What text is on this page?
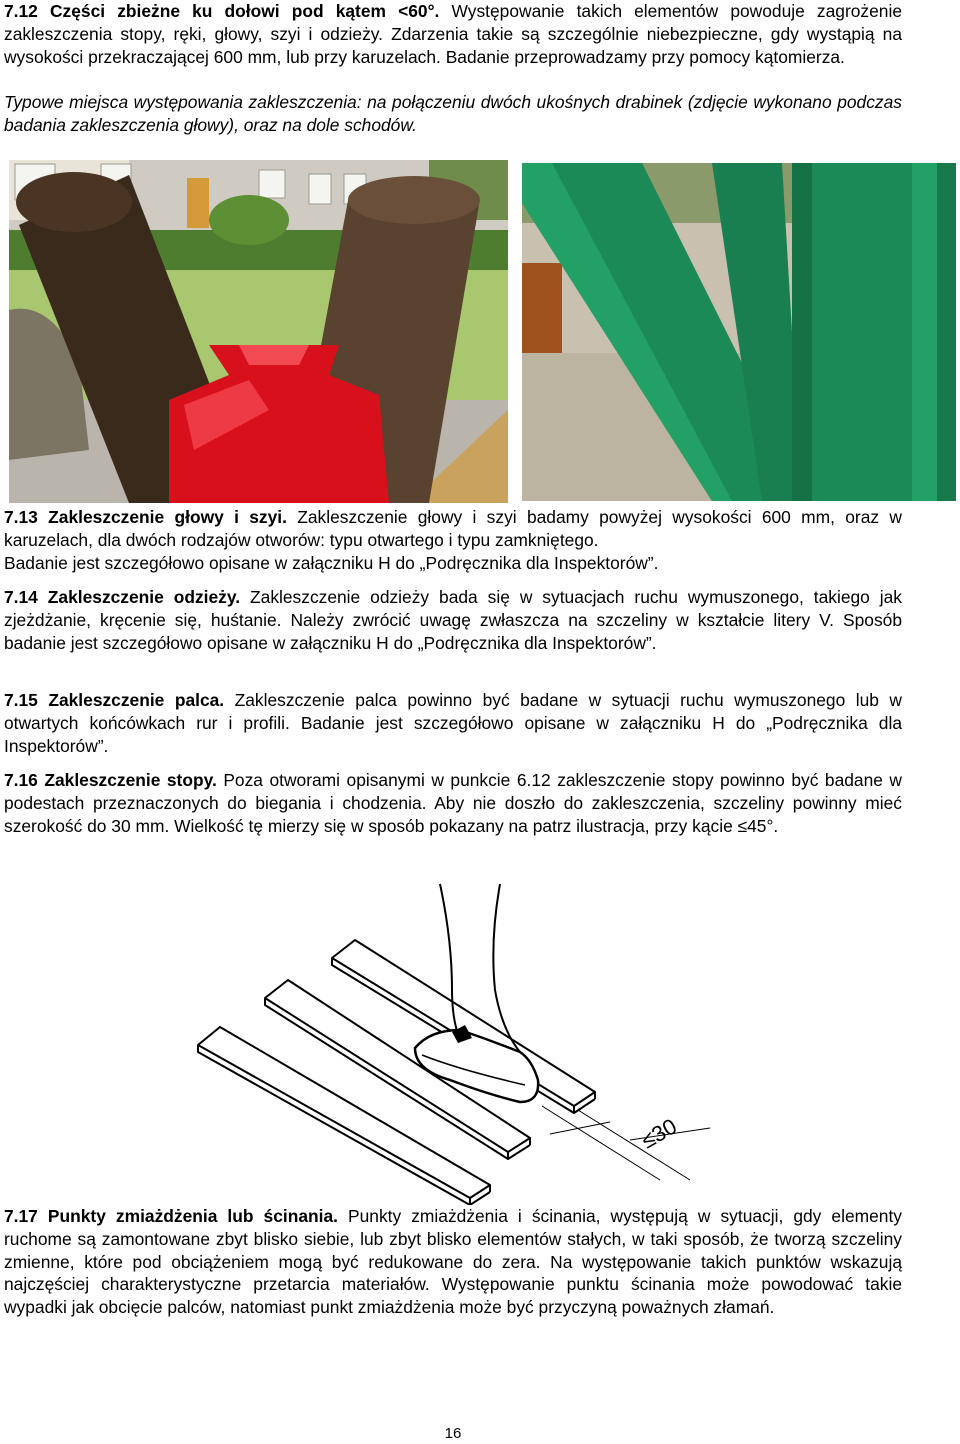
7.12 Części zbieżne ku dołowi pod kątem <60°. Występowanie takich elementów powoduje zagrożenie zakleszczenia stopy, ręki, głowy, szyi i odzieży. Zdarzenia takie są szczególnie niebezpieczne, gdy wystąpią na wysokości przekraczającej 600 mm, lub przy karuzelach. Badanie przeprowadzamy przy pomocy kątomierza.

Typowe miejsca występowania zakleszczenia: na połączeniu dwóch ukośnych drabinek (zdjęcie wykonano podczas badania zakleszczenia głowy), oraz na dole schodów.

7.13 Zakleszczenie głowy i szyi. Zakleszczenie głowy i szyi badamy powyżej wysokości 600 mm, oraz w karuzelach, dla dwóch rodzajów otworów: typu otwartego i typu zamkniętego.

Badanie jest szczegółowo opisane w załączniku H do „Podręcznika dla Inspektorów”.

7.14 Zakleszczenie odzieży. Zakleszczenie odzieży bada się w sytuacjach ruchu wymuszonego, takiego jak zjeżdżanie, kręcenie się, huśtanie. Należy zwrócić uwagę zwłaszcza na szczeliny w kształcie litery V. Sposób badanie jest szczegółowo opisane w załączniku H do „Podręcznika dla Inspektorów”.

7.15 Zakleszczenie palca. Zakleszczenie palca powinno być badane w sytuacji ruchu wymuszonego lub w otwartych końcówkach rur i profili. Badanie jest szczegółowo opisane w załączniku H do „Podręcznika dla Inspektorów”.

7.16 Zakleszczenie stopy. Poza otworami opisanymi w punkcie 6.12 zakleszczenie stopy powinno być badane w podestach przeznaczonych do biegania i chodzenia. Aby nie doszło do zakleszczenia, szczeliny powinny mieć szerokość do 30 mm. Wielkość tę mierzy się w sposób pokazany na patrz ilustracja, przy kącie ≤45°.

≤30

7.17 Punkty zmiażdżenia lub ścinania. Punkty zmiażdżenia i ścinania, występują w sytuacji, gdy elementy ruchome są zamontowane zbyt blisko siebie, lub zbyt blisko elementów stałych, w taki sposób, że tworzą szczeliny zmienne, które pod obciążeniem mogą być redukowane do zera. Na występowanie takich punktów wskazują najczęściej charakterystyczne przetarcia materiałów. Występowanie punktu ścinania może powodować takie wypadki jak obcięcie palców, natomiast punkt zmiażdżenia może być przyczyną poważnych złamań.

16
